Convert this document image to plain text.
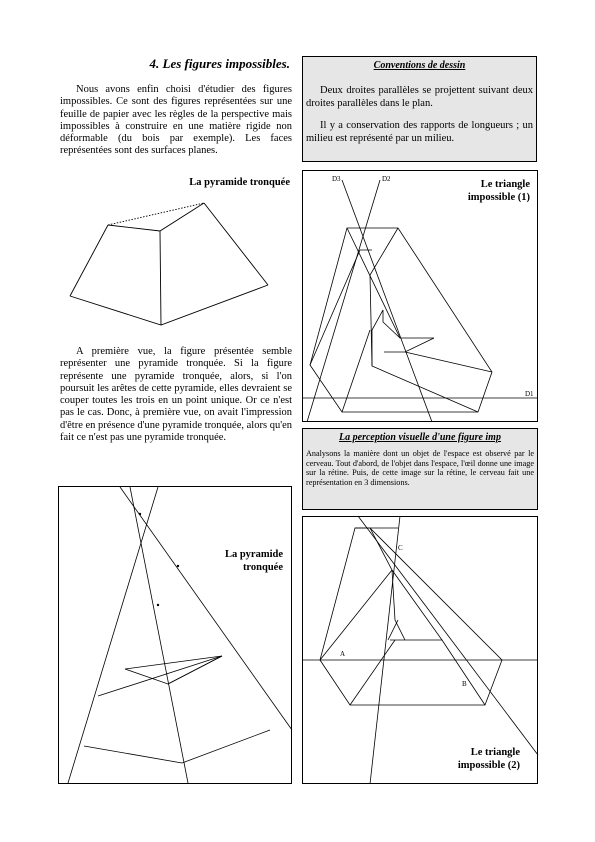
4. Les figures impossibles.
Nous avons enfin choisi d'étudier des figures impossibles. Ce sont des figures représentées sur une feuille de papier avec les règles de la perspective mais impossibles à construire en une matière rigide non déformable (du bois par exemple). Les faces représentées sont des surfaces planes.
La pyramide tronquée
A première vue, la figure présentée semble représenter une pyramide tronquée. Si la figure représente une pyramide tronquée, alors, si l'on poursuit les arêtes de cette pyramide, elles devraient se couper toutes les trois en un point unique. Or ce n'est pas le cas. Donc, à première vue, on avait l'impression d'être en présence d'une pyramide tronquée, alors qu'en fait ce n'est pas une pyramide tronquée.
La pyramide
tronquée
Conventions de dessin
Deux droites parallèles se projettent suivant deux droites parallèles dans le plan.
Il y a conservation des rapports de longueurs ; un milieu est représenté par un milieu.
Le triangle
impossible (1)
D3	D2
D1
La perception visuelle d'une figure imp
Analysons la manière dont un objet de l'espace est observé par le cerveau. Tout d'abord, de l'objet dans l'espace, l'œil donne une image sur la rétine. Puis, de cette image sur la rétine, le cerveau fait une représentation en 3 dimensions.
Le triangle
impossible (2)
C
A
B
